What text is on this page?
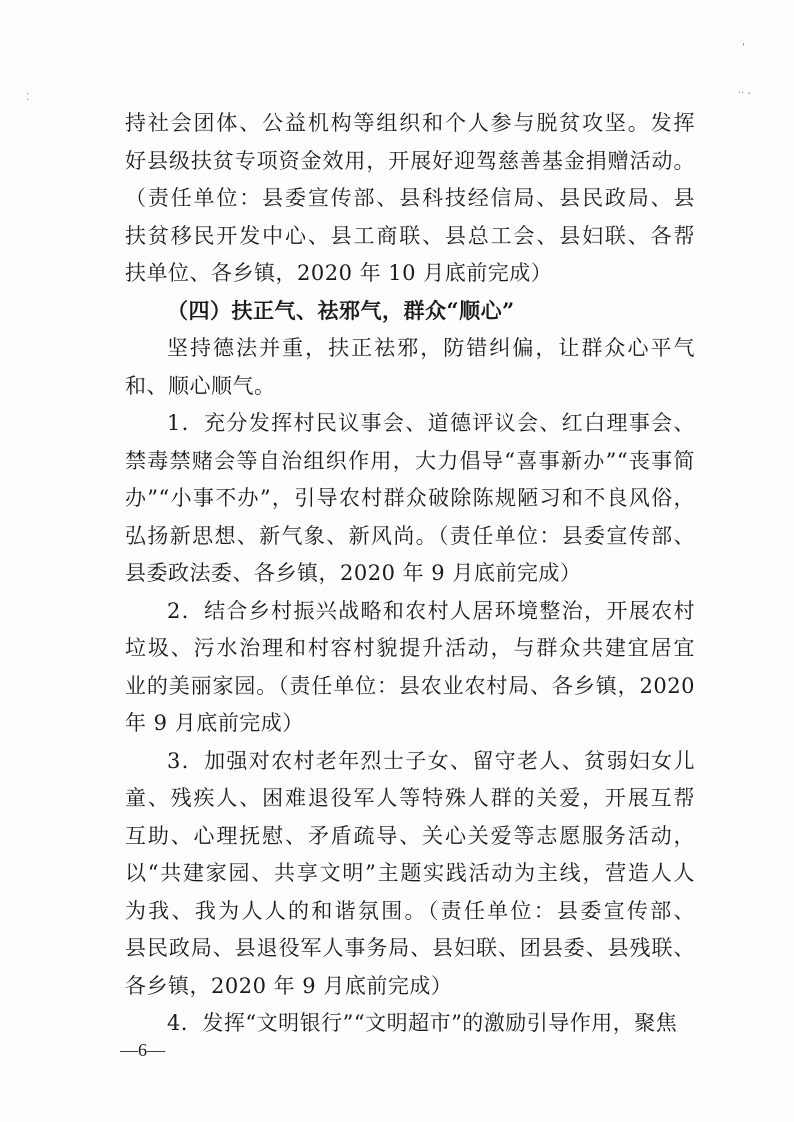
⁚
'
·· -
持社会团体、公益机构等组织和个人参与脱贫攻坚。发挥
好县级扶贫专项资金效用，开展好迎驾慈善基金捐赠活动。
（责任单位：县委宣传部、县科技经信局、县民政局、县
扶贫移民开发中心、县工商联、县总工会、县妇联、各帮
扶单位、各乡镇，2020 年 10 月底前完成）
（四）扶正气、祛邪气，群众“顺心”
坚持德法并重，扶正祛邪，防错纠偏，让群众心平气
和、顺心顺气。
1．充分发挥村民议事会、道德评议会、红白理事会、
禁毒禁赌会等自治组织作用，大力倡导“喜事新办”“丧事简
办”“小事不办”，引导农村群众破除陈规陋习和不良风俗，
弘扬新思想、新气象、新风尚。（责任单位：县委宣传部、
县委政法委、各乡镇，2020 年 9 月底前完成）
2．结合乡村振兴战略和农村人居环境整治，开展农村
垃圾、污水治理和村容村貌提升活动，与群众共建宜居宜
业的美丽家园。（责任单位：县农业农村局、各乡镇，2020
年 9 月底前完成）
3．加强对农村老年烈士子女、留守老人、贫弱妇女儿
童、残疾人、困难退役军人等特殊人群的关爱，开展互帮
互助、心理抚慰、矛盾疏导、关心关爱等志愿服务活动，
以“共建家园、共享文明”主题实践活动为主线，营造人人
为我、我为人人的和谐氛围。（责任单位：县委宣传部、
县民政局、县退役军人事务局、县妇联、团县委、县残联、
各乡镇，2020 年 9 月底前完成）
4．发挥“文明银行”“文明超市”的激励引导作用，聚焦
—6—
